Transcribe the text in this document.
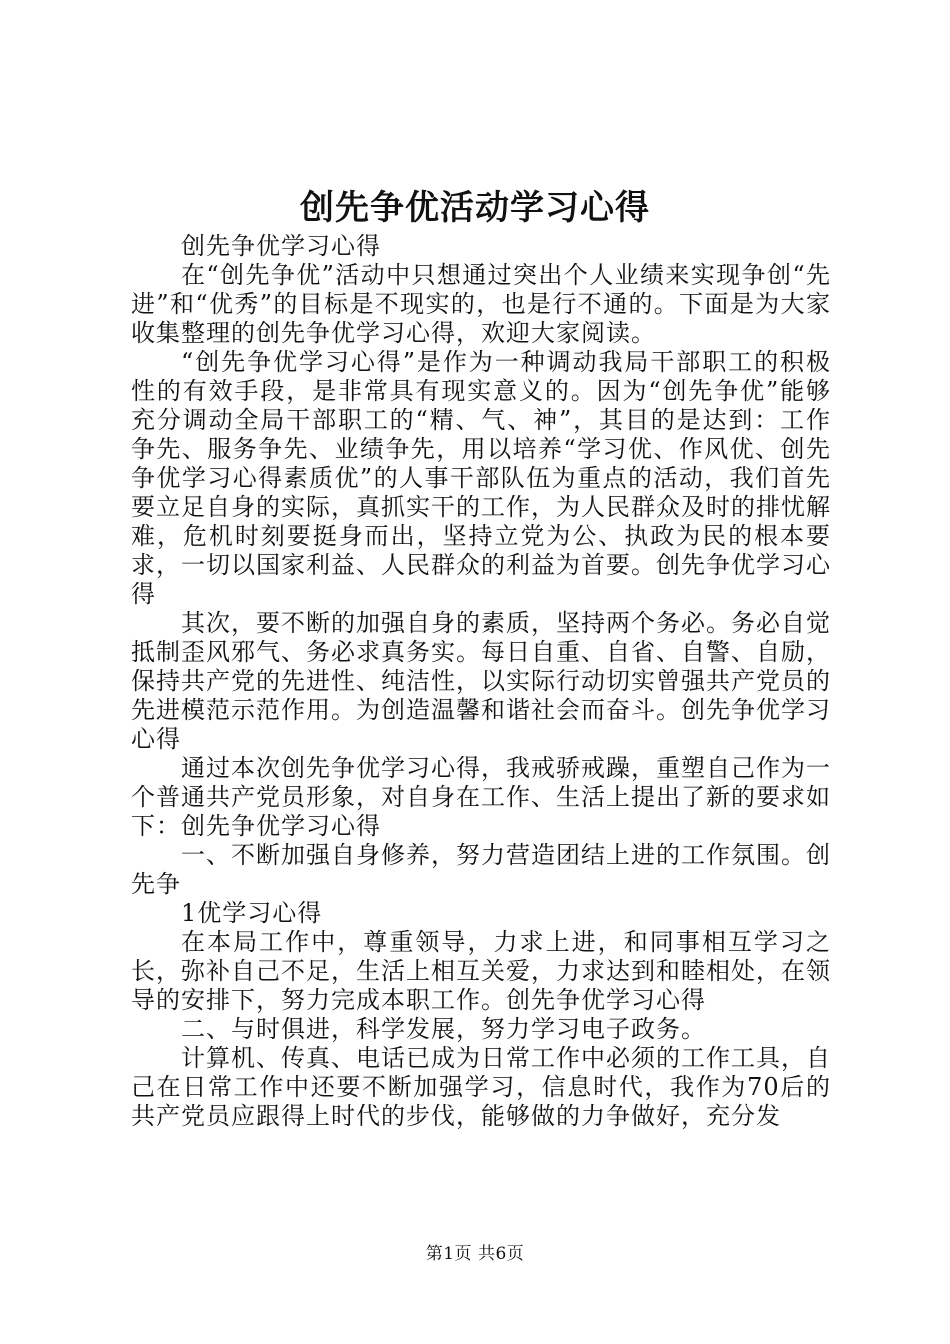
创先争优活动学习心得

创先争优学习心得

在“创先争优”活动中只想通过突出个人业绩来实现争创“先进”和“优秀”的目标是不现实的，也是行不通的。下面是为大家收集整理的创先争优学习心得，欢迎大家阅读。

“创先争优学习心得”是作为一种调动我局干部职工的积极性的有效手段，是非常具有现实意义的。因为“创先争优”能够充分调动全局干部职工的“精、气、神”，其目的是达到：工作争先、服务争先、业绩争先，用以培养“学习优、作风优、创先争优学习心得素质优”的人事干部队伍为重点的活动，我们首先要立足自身的实际，真抓实干的工作，为人民群众及时的排忧解难，危机时刻要挺身而出，坚持立党为公、执政为民的根本要求，一切以国家利益、人民群众的利益为首要。创先争优学习心得

其次，要不断的加强自身的素质，坚持两个务必。务必自觉抵制歪风邪气、务必求真务实。每日自重、自省、自警、自励，保持共产党的先进性、纯洁性，以实际行动切实曾强共产党员的先进模范示范作用。为创造温馨和谐社会而奋斗。创先争优学习心得

通过本次创先争优学习心得，我戒骄戒躁，重塑自己作为一个普通共产党员形象，对自身在工作、生活上提出了新的要求如下：创先争优学习心得

一、不断加强自身修养，努力营造团结上进的工作氛围。创先争

1优学习心得

在本局工作中，尊重领导，力求上进，和同事相互学习之长，弥补自己不足，生活上相互关爱，力求达到和睦相处，在领导的安排下，努力完成本职工作。创先争优学习心得

二、与时俱进，科学发展，努力学习电子政务。

计算机、传真、电话已成为日常工作中必须的工作工具，自己在日常工作中还要不断加强学习，信息时代，我作为70后的共产党员应跟得上时代的步伐，能够做的力争做好，充分发

第1页 共6页
